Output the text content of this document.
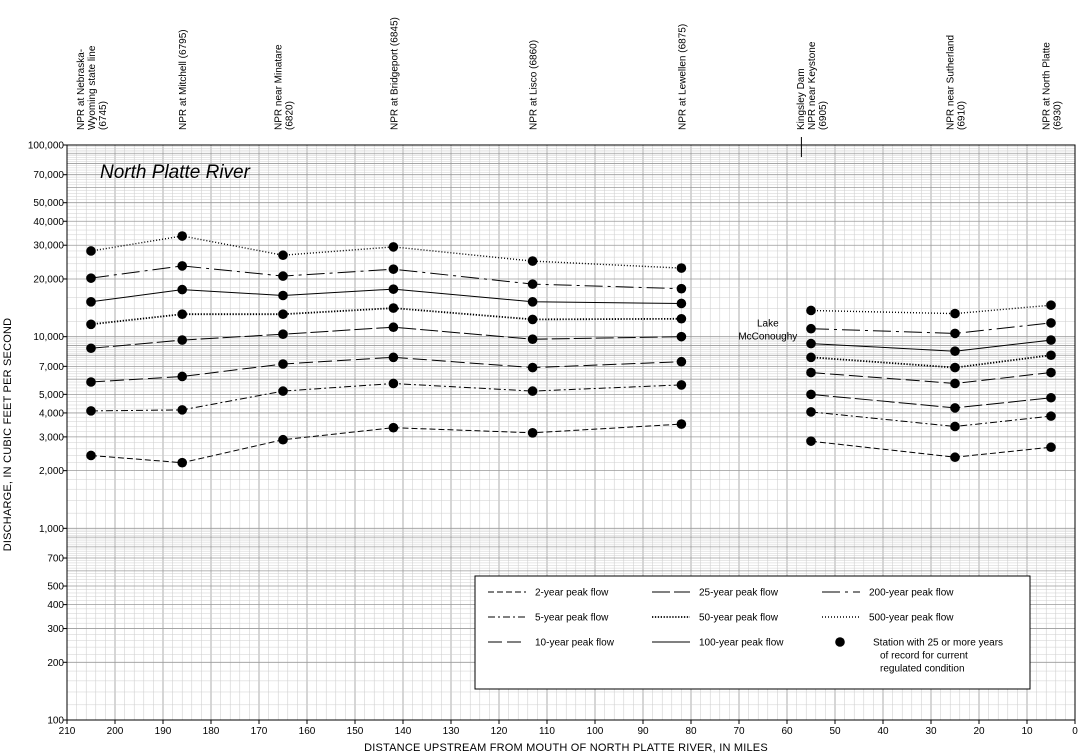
210	200	190	180	170	160	150	140	130	120	110	100	90	80	70	60	50	40	30	20	10	0
100
200
300
400
500
700
1,000
2,000
3,000
4,000
5,000
7,000
10,000
20,000
30,000
40,000
50,000
70,000
100,000
NPR at Nebraska- Wyoming state line (6745)	NPR at Mitchell (6795)	NPR near Minatare (6820)	NPR at Bridgeport (6845)	NPR at Lisco (6860)	NPR at Lewellen (6875)	Kingsley Dam NPR near Keystone (6905)	NPR near Sutherland (6910)	NPR at North Platte (6930)
North Platte River
Lake McConoughy
2-year peak flow	25-year peak flow	200-year peak flow
5-year peak flow	50-year peak flow	500-year peak flow
10-year peak flow	100-year peak flow	Station with 25 or more years of record for current regulated condition
DISTANCE UPSTREAM FROM MOUTH OF NORTH PLATTE RIVER, IN MILES
DISCHARGE, IN CUBIC FEET PER SECOND
